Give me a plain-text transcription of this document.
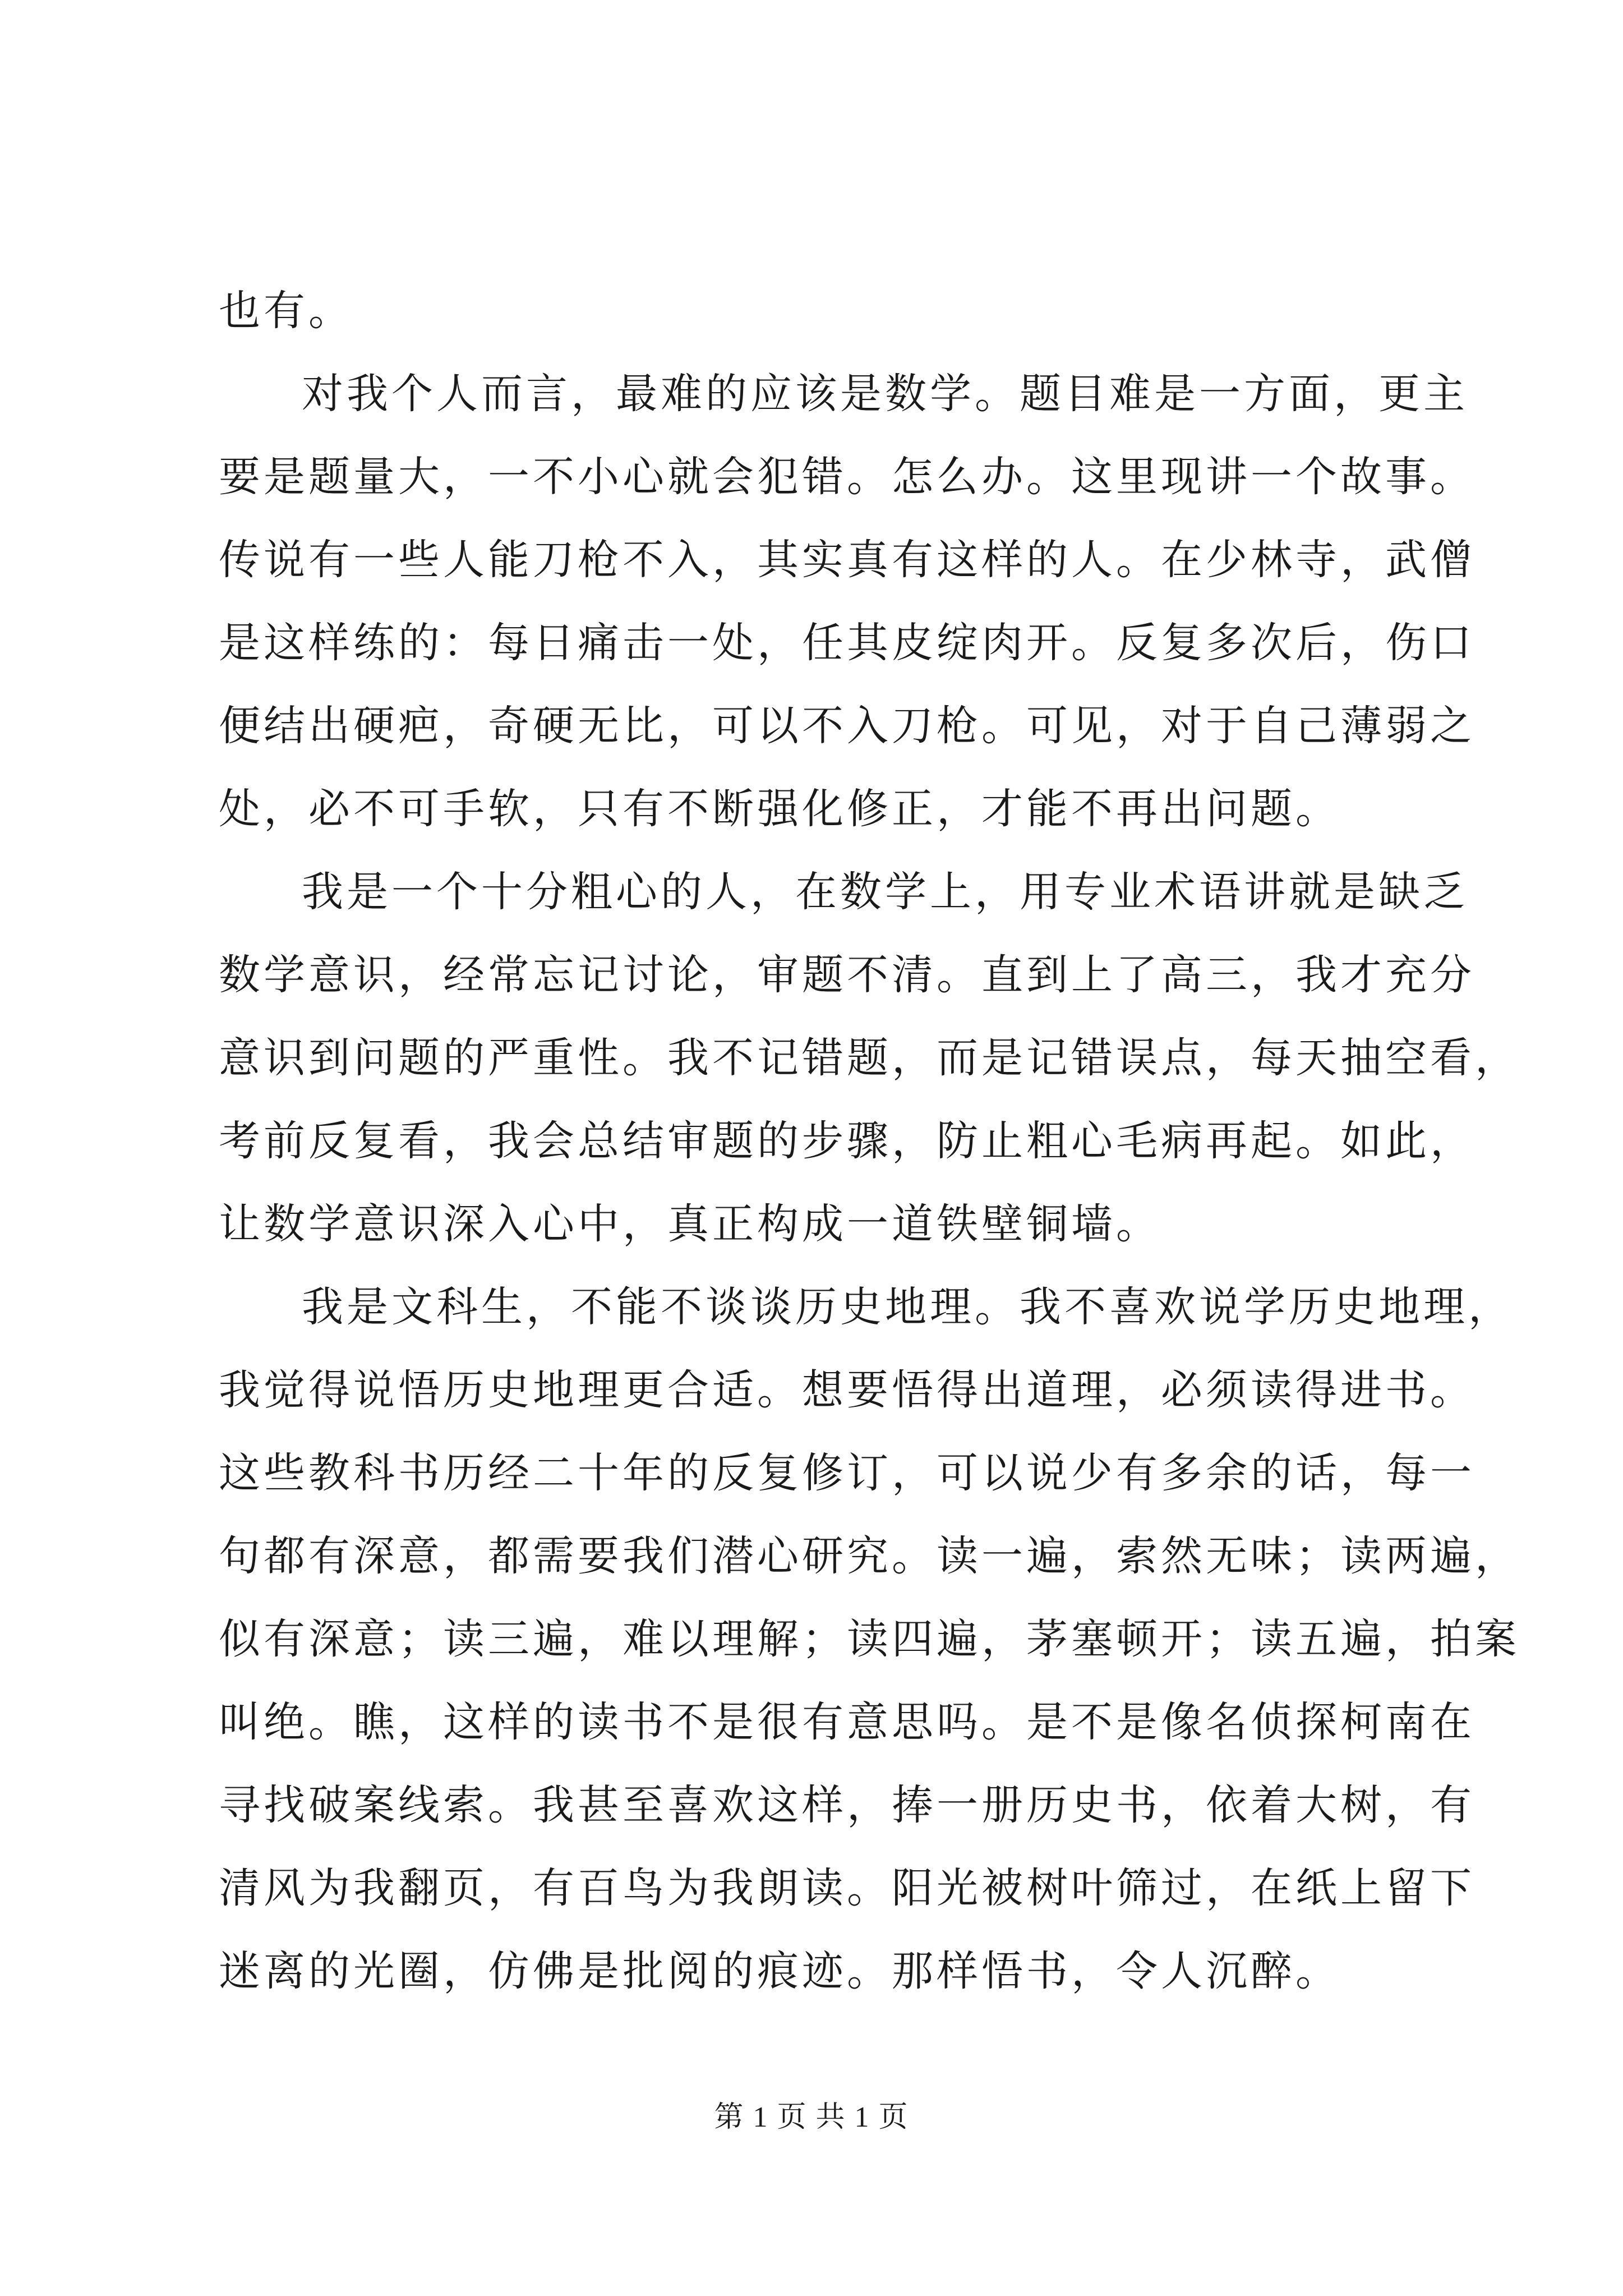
也有。
对我个人而言，最难的应该是数学。题目难是一方面，更主
要是题量大，一不小心就会犯错。怎么办。这里现讲一个故事。
传说有一些人能刀枪不入，其实真有这样的人。在少林寺，武僧
是这样练的：每日痛击一处，任其皮绽肉开。反复多次后，伤口
便结出硬疤，奇硬无比，可以不入刀枪。可见，对于自己薄弱之
处，必不可手软，只有不断强化修正，才能不再出问题。
我是一个十分粗心的人，在数学上，用专业术语讲就是缺乏
数学意识，经常忘记讨论，审题不清。直到上了高三，我才充分
意识到问题的严重性。我不记错题，而是记错误点，每天抽空看，
考前反复看，我会总结审题的步骤，防止粗心毛病再起。如此，
让数学意识深入心中，真正构成一道铁壁铜墙。
我是文科生，不能不谈谈历史地理。我不喜欢说学历史地理，
我觉得说悟历史地理更合适。想要悟得出道理，必须读得进书。
这些教科书历经二十年的反复修订，可以说少有多余的话，每一
句都有深意，都需要我们潜心研究。读一遍，索然无味；读两遍，
似有深意；读三遍，难以理解；读四遍，茅塞顿开；读五遍，拍案
叫绝。瞧，这样的读书不是很有意思吗。是不是像名侦探柯南在
寻找破案线索。我甚至喜欢这样，捧一册历史书，依着大树，有
清风为我翻页，有百鸟为我朗读。阳光被树叶筛过，在纸上留下
迷离的光圈，仿佛是批阅的痕迹。那样悟书，令人沉醉。
第 1 页 共 1 页
